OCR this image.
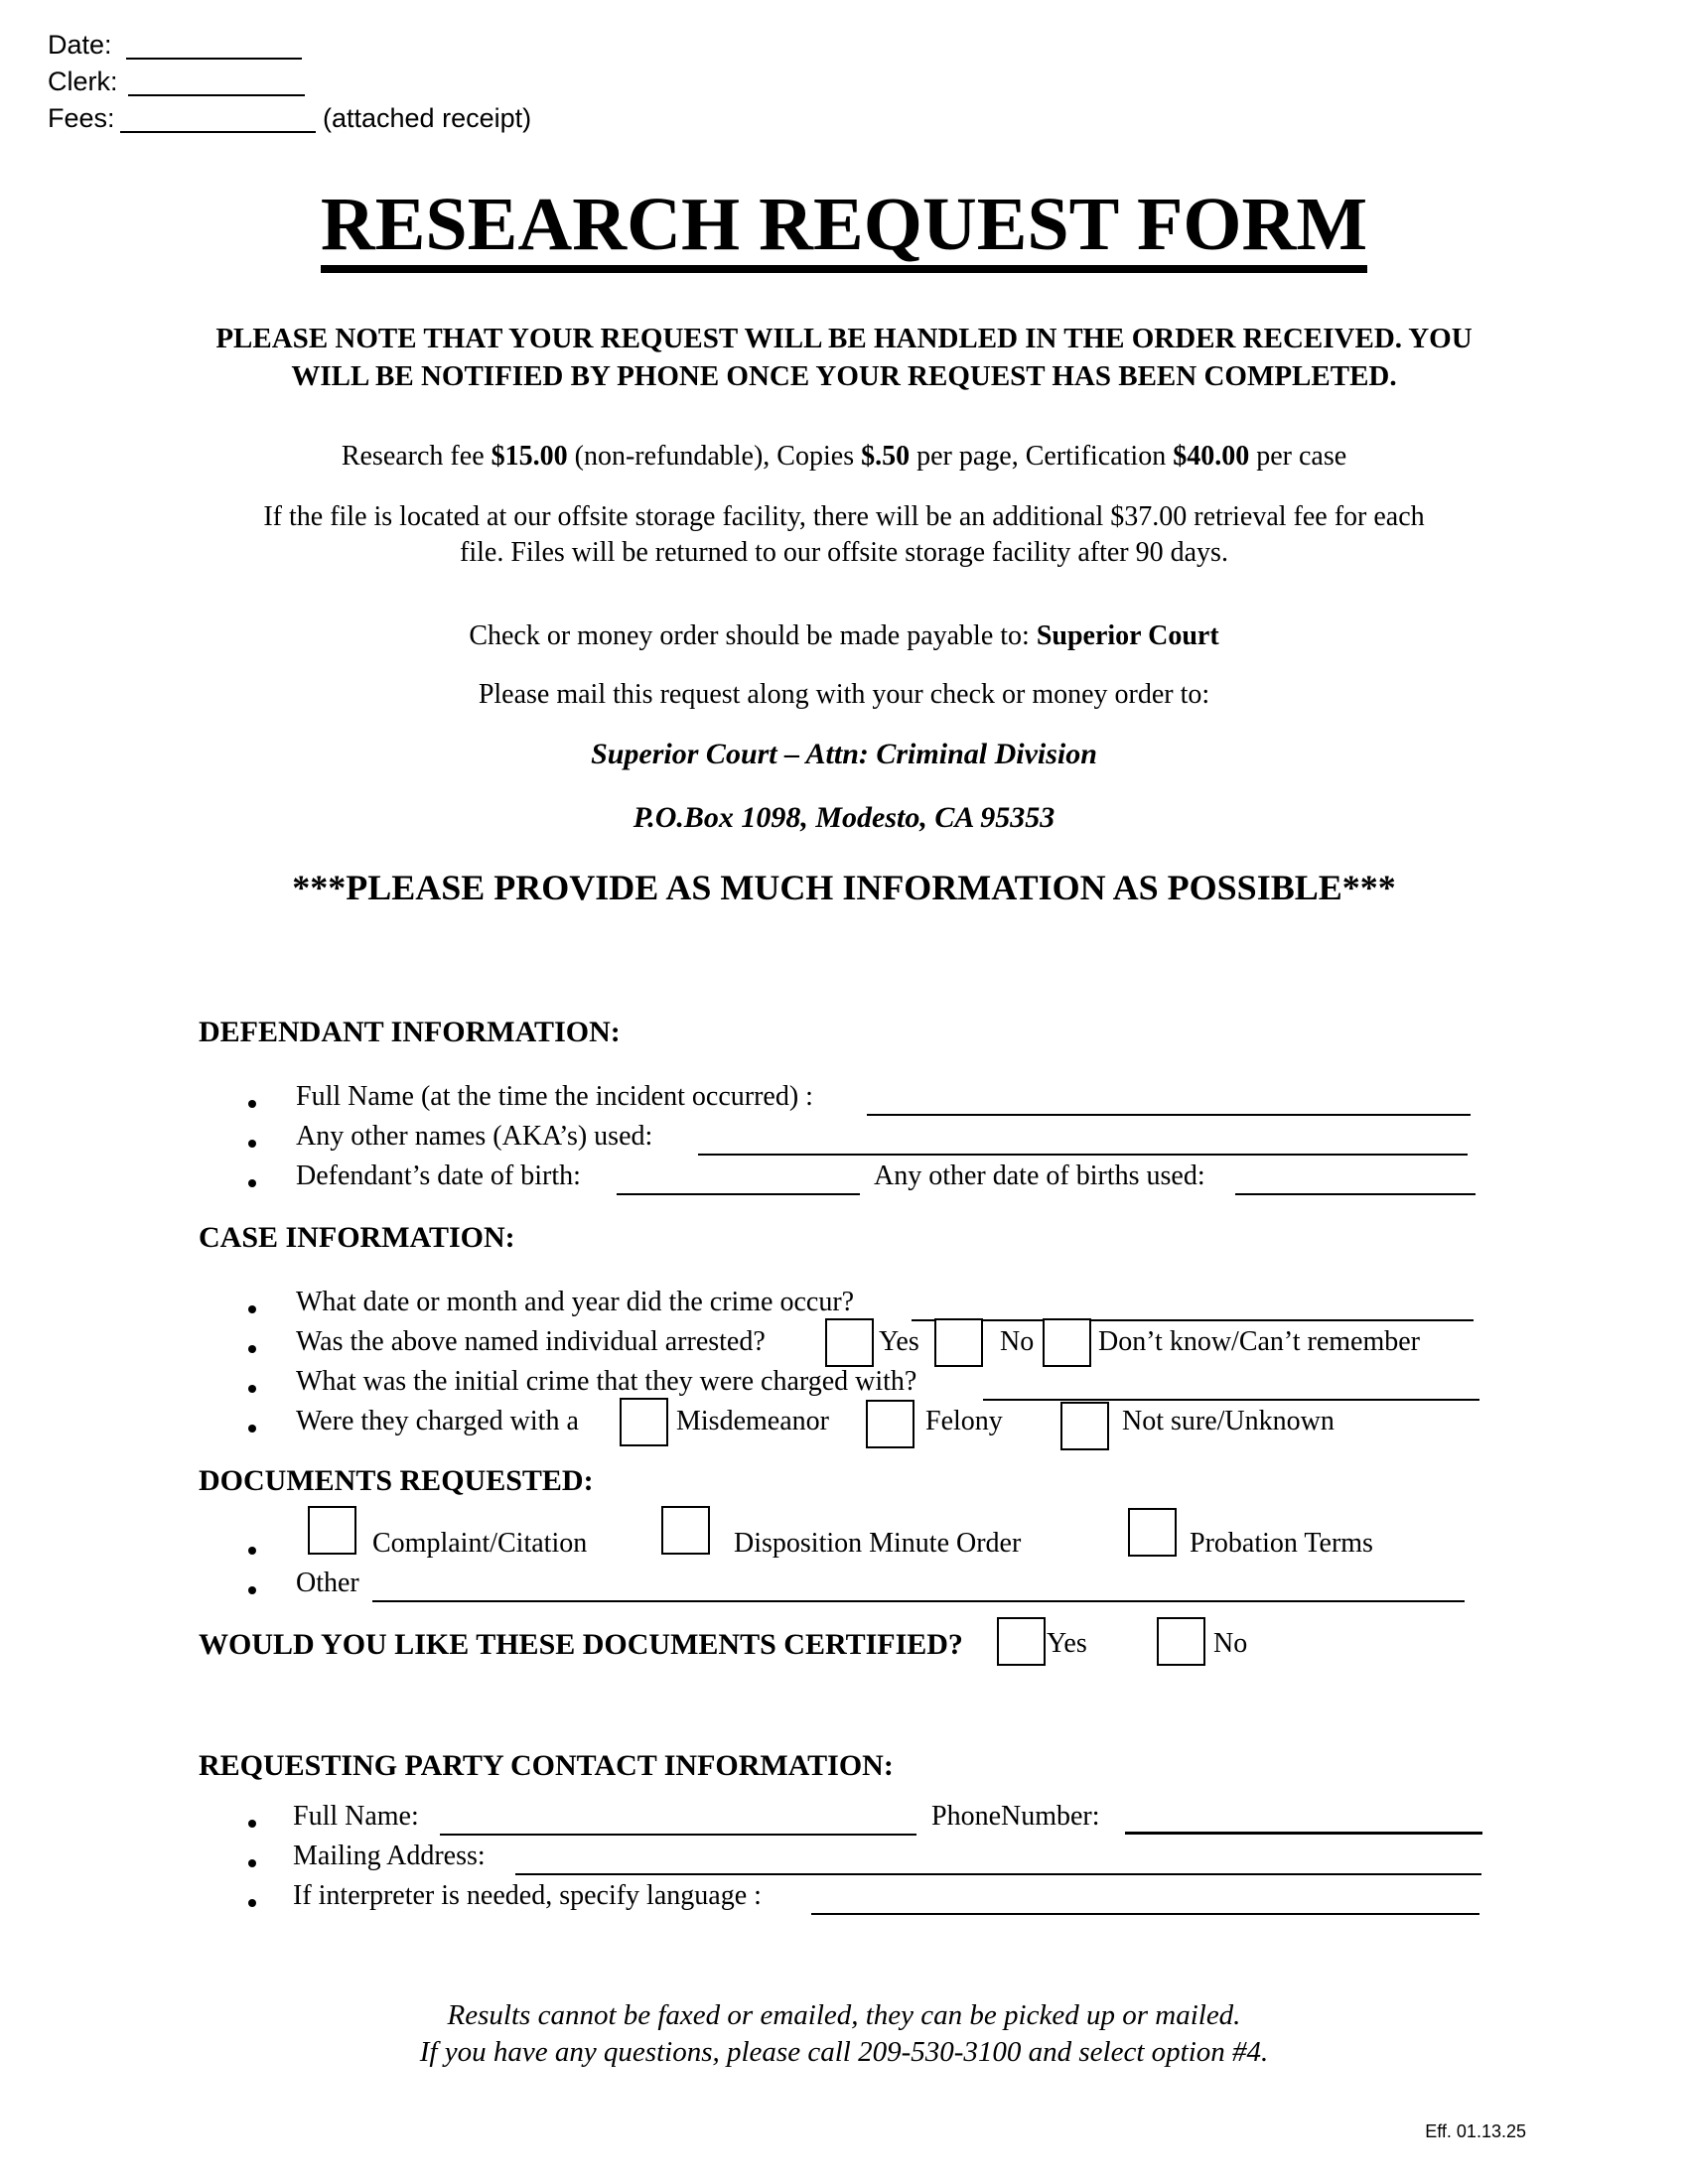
Date:
Clerk:
Fees:	(attached receipt)
RESEARCH REQUEST FORM
PLEASE NOTE THAT YOUR REQUEST WILL BE HANDLED IN THE ORDER RECEIVED. YOU
WILL BE NOTIFIED BY PHONE ONCE YOUR REQUEST HAS BEEN COMPLETED.
Research fee $15.00 (non-refundable), Copies $.50 per page, Certification $40.00 per case
If the file is located at our offsite storage facility, there will be an additional $37.00 retrieval fee for each
file. Files will be returned to our offsite storage facility after 90 days.
Check or money order should be made payable to: Superior Court
Please mail this request along with your check or money order to:
Superior Court – Attn: Criminal Division
P.O.Box 1098, Modesto, CA 95353
***PLEASE PROVIDE AS MUCH INFORMATION AS POSSIBLE***
DEFENDANT INFORMATION:
Full Name (at the time the incident occurred) :
Any other names (AKA’s) used:
Defendant’s date of birth:	Any other date of births used:
CASE INFORMATION:
What date or month and year did the crime occur?
Was the above named individual arrested?	Yes	No Don’t know/Can’t remember
What was the initial crime that they were charged with?
Were they charged with a	Misdemeanor	Felony	Not sure/Unknown
DOCUMENTS REQUESTED:
Complaint/Citation	Disposition Minute Order	Probation Terms
Other
WOULD YOU LIKE THESE DOCUMENTS CERTIFIED?	Yes	No
REQUESTING PARTY CONTACT INFORMATION:
Full Name:	PhoneNumber:
Mailing Address:
If interpreter is needed, specify language :
Results cannot be faxed or emailed, they can be picked up or mailed.
If you have any questions, please call 209-530-3100 and select option #4.
Eff. 01.13.25
